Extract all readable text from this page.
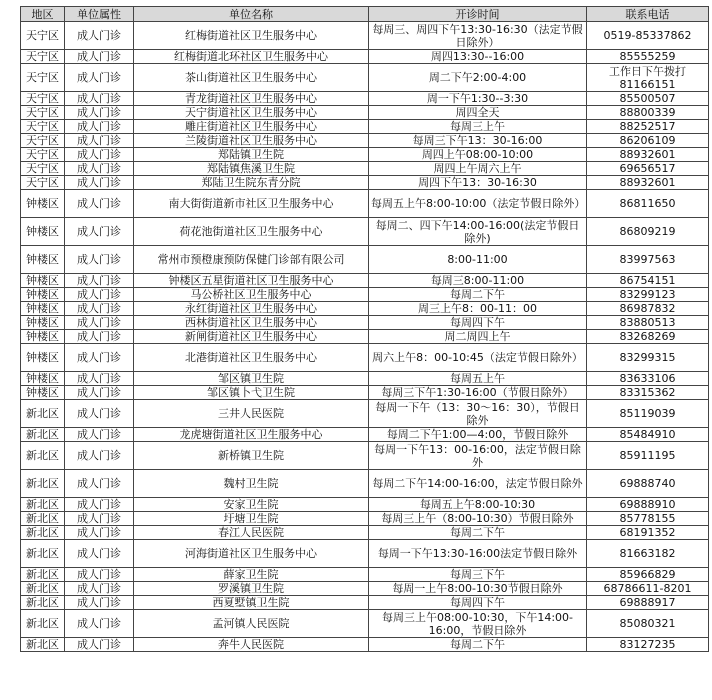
地区	单位属性	单位名称	开诊时间	联系电话
天宁区	成人门诊	红梅街道社区卫生服务中心	每周三、周四下午13:30-16:30（法定节假日除外）	0519-85337862
天宁区	成人门诊	红梅街道北环社区卫生服务中心	周四13:30--16:00	85555259
天宁区	成人门诊	茶山街道社区卫生服务中心	周二下午2:00-4:00	工作日下午拨打81166151
天宁区	成人门诊	青龙街道社区卫生服务中心	周一下午1:30--3:30	85500507
天宁区	成人门诊	天宁街道社区卫生服务中心	周四全天	88800339
天宁区	成人门诊	雕庄街道社区卫生服务中心	每周三上午	88252517
天宁区	成人门诊	兰陵街道社区卫生服务中心	每周三下午13：30-16:00	86206109
天宁区	成人门诊	郑陆镇卫生院	周四上午08:00-10:00	88932601
天宁区	成人门诊	郑陆镇焦溪卫生院	周四上午周六上午	69656517
天宁区	成人门诊	郑陆卫生院东青分院	周四下午13：30-16:30	88932601
钟楼区	成人门诊	南大街街道新市社区卫生服务中心	每周五上午8:00-10:00（法定节假日除外）	86811650
钟楼区	成人门诊	荷花池街道社区卫生服务中心	每周二、四下午14:00-16:00(法定节假日除外)	86809219
钟楼区	成人门诊	常州市预橙康预防保健门诊部有限公司	8:00-11:00	83997563
钟楼区	成人门诊	钟楼区五星街道社区卫生服务中心	每周三8:00-11:00	86754151
钟楼区	成人门诊	马公桥社区卫生服务中心	每周二下午	83299123
钟楼区	成人门诊	永红街道社区卫生服务中心	周三上午8：00-11：00	86987832
钟楼区	成人门诊	西林街道社区卫生服务中心	每周四下午	83880513
钟楼区	成人门诊	新闸街道社区卫生服务中心	周二周四上午	83268269
钟楼区	成人门诊	北港街道社区卫生服务中心	周六上午8：00-10:45（法定节假日除外）	83299315
钟楼区	成人门诊	邹区镇卫生院	每周五上午	83633106
钟楼区	成人门诊	邹区镇卜弋卫生院	每周三下午1:30-16:00（节假日除外）	83315362
新北区	成人门诊	三井人民医院	每周一下午（13：30～16：30），节假日除外	85119039
新北区	成人门诊	龙虎塘街道社区卫生服务中心	每周二下午1:00—4:00，节假日除外	85484910
新北区	成人门诊	新桥镇卫生院	每周一下午13：00-16:00，法定节假日除外	85911195
新北区	成人门诊	魏村卫生院	每周二下午14:00-16:00，法定节假日除外	69888740
新北区	成人门诊	安家卫生院	每周五上午8:00-10:30	69888910
新北区	成人门诊	圩塘卫生院	每周三上午（8:00-10:30）节假日除外	85778155
新北区	成人门诊	春江人民医院	每周二下午	68191352
新北区	成人门诊	河海街道社区卫生服务中心	每周一下午13:30-16:00法定节假日除外	81663182
新北区	成人门诊	薛家卫生院	每周三下午	85966829
新北区	成人门诊	罗溪镇卫生院	每周一上午8:00-10:30节假日除外	68786611-8201
新北区	成人门诊	西夏墅镇卫生院	每周四下午	69888917
新北区	成人门诊	孟河镇人民医院	每周三上午08:00-10:30，下午14:00-16:00，节假日除外	85080321
新北区	成人门诊	奔牛人民医院	每周二下午	83127235
